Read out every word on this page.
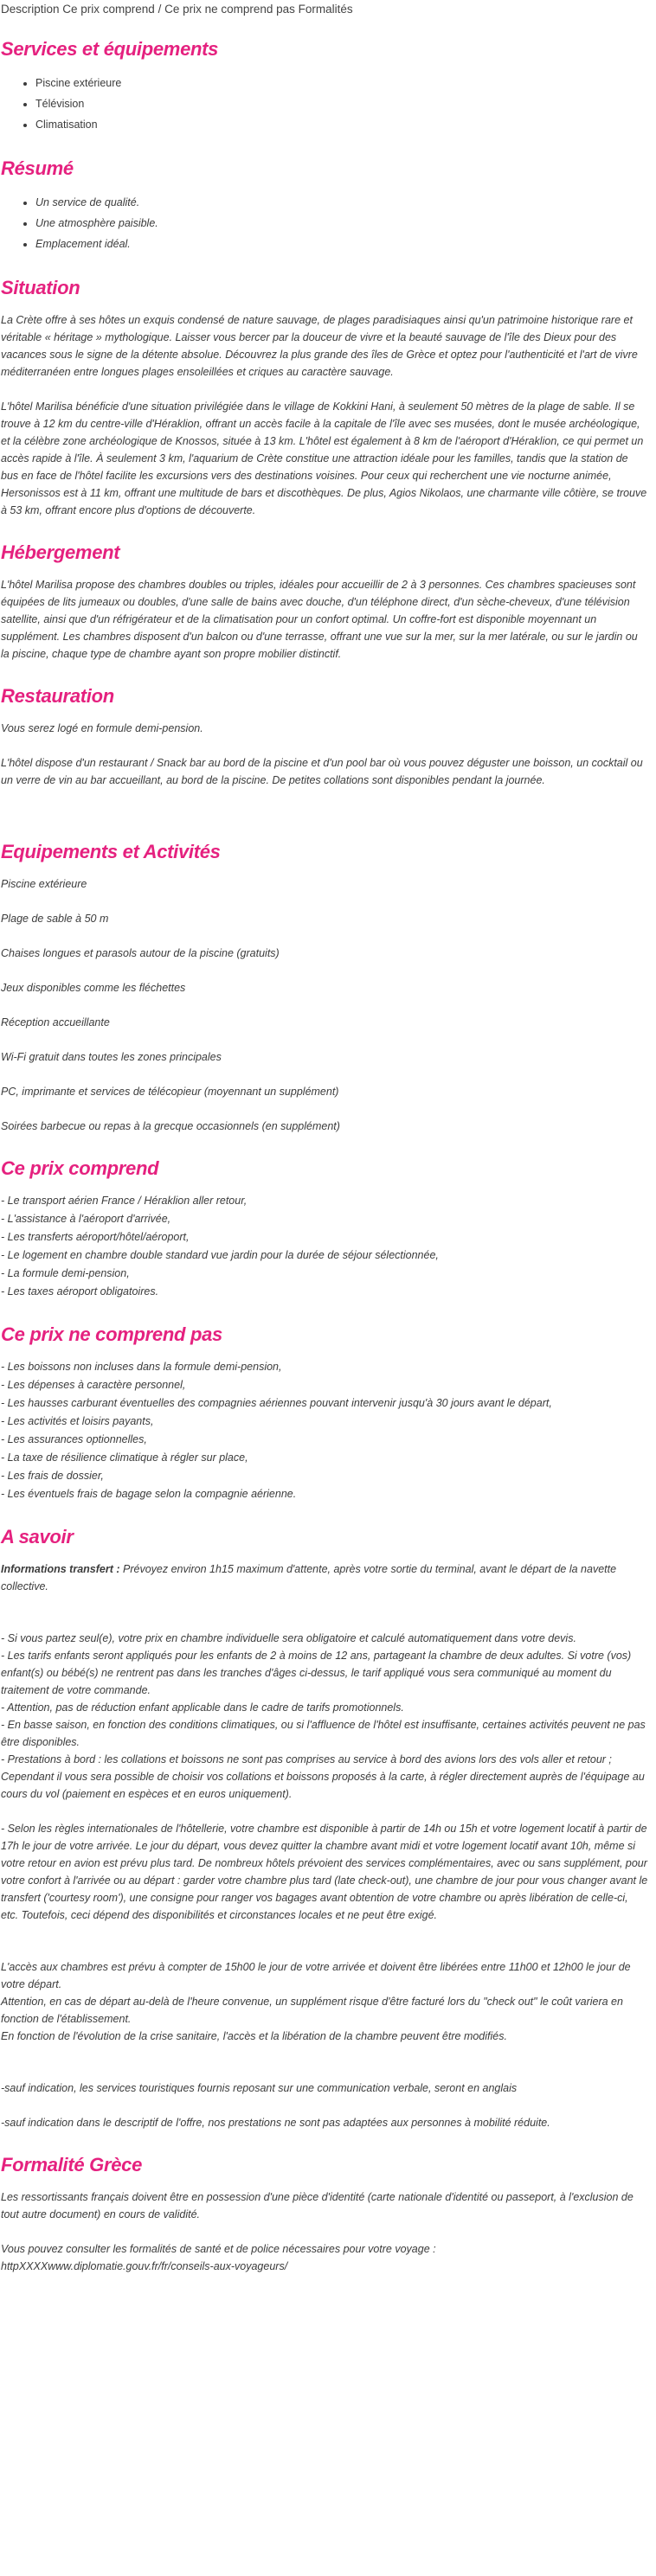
Description Ce prix comprend / Ce prix ne comprend pas Formalités
Services et équipements
• Piscine extérieure
• Télévision
• Climatisation
Résumé
• Un service de qualité.
• Une atmosphère paisible.
• Emplacement idéal.
Situation

La Crète offre à ses hôtes un exquis condensé de nature sauvage, de plages paradisiaques ainsi qu'un patrimoine historique rare et véritable « héritage » mythologique. Laisser vous bercer par la douceur de vivre et la beauté sauvage de l'île des Dieux pour des vacances sous le signe de la détente absolue. Découvrez la plus grande des îles de Grèce et optez pour l'authenticité et l'art de vivre méditerranéen entre longues plages ensoleillées et criques au caractère sauvage.

L'hôtel Marilisa bénéficie d'une situation privilégiée dans le village de Kokkini Hani, à seulement 50 mètres de la plage de sable. Il se trouve à 12 km du centre-ville d'Héraklion, offrant un accès facile à la capitale de l'île avec ses musées, dont le musée archéologique, et la célèbre zone archéologique de Knossos, située à 13 km. L'hôtel est également à 8 km de l'aéroport d'Héraklion, ce qui permet un accès rapide à l'île. À seulement 3 km, l'aquarium de Crète constitue une attraction idéale pour les familles, tandis que la station de bus en face de l'hôtel facilite les excursions vers des destinations voisines. Pour ceux qui recherchent une vie nocturne animée, Hersonissos est à 11 km, offrant une multitude de bars et discothèques. De plus, Agios Nikolaos, une charmante ville côtière, se trouve à 53 km, offrant encore plus d'options de découverte.

Hébergement

L'hôtel Marilisa propose des chambres doubles ou triples, idéales pour accueillir de 2 à 3 personnes. Ces chambres spacieuses sont équipées de lits jumeaux ou doubles, d'une salle de bains avec douche, d'un téléphone direct, d'un sèche-cheveux, d'une télévision satellite, ainsi que d'un réfrigérateur et de la climatisation pour un confort optimal. Un coffre-fort est disponible moyennant un supplément. Les chambres disposent d'un balcon ou d'une terrasse, offrant une vue sur la mer, sur la mer latérale, ou sur le jardin ou la piscine, chaque type de chambre ayant son propre mobilier distinctif.

Restauration

Vous serez logé en formule demi-pension.

L'hôtel dispose d'un restaurant / Snack bar au bord de la piscine et d'un pool bar où vous pouvez déguster une boisson, un cocktail ou un verre de vin au bar accueillant, au bord de la piscine. De petites collations sont disponibles pendant la journée.

Equipements et Activités

Piscine extérieure

Plage de sable à 50 m

Chaises longues et parasols autour de la piscine (gratuits)

Jeux disponibles comme les fléchettes

Réception accueillante

Wi-Fi gratuit dans toutes les zones principales

PC, imprimante et services de télécopieur (moyennant un supplément)

Soirées barbecue ou repas à la grecque occasionnels (en supplément)

Ce prix comprend
- Le transport aérien France / Héraklion aller retour,
- L'assistance à l'aéroport d'arrivée,
- Les transferts aéroport/hôtel/aéroport,
- Le logement en chambre double standard vue jardin pour la durée de séjour sélectionnée,
- La formule demi-pension,
- Les taxes aéroport obligatoires.
Ce prix ne comprend pas
- Les boissons non incluses dans la formule demi-pension,
- Les dépenses à caractère personnel,
- Les hausses carburant éventuelles des compagnies aériennes pouvant intervenir jusqu'à 30 jours avant le départ,
- Les activités et loisirs payants,
- Les assurances optionnelles,
- La taxe de résilience climatique à régler sur place,
- Les frais de dossier,
- Les éventuels frais de bagage selon la compagnie aérienne.
A savoir

Informations transfert : Prévoyez environ 1h15 maximum d'attente, après votre sortie du terminal, avant le départ de la navette collective.

- Si vous partez seul(e), votre prix en chambre individuelle sera obligatoire et calculé automatiquement dans votre devis.
- Les tarifs enfants seront appliqués pour les enfants de 2 à moins de 12 ans, partageant la chambre de deux adultes. Si votre (vos) enfant(s) ou bébé(s) ne rentrent pas dans les tranches d'âges ci-dessus, le tarif appliqué vous sera communiqué au moment du traitement de votre commande.
- Attention, pas de réduction enfant applicable dans le cadre de tarifs promotionnels.
- En basse saison, en fonction des conditions climatiques, ou si l'affluence de l'hôtel est insuffisante, certaines activités peuvent ne pas être disponibles.
- Prestations à bord : les collations et boissons ne sont pas comprises au service à bord des avions lors des vols aller et retour ; Cependant il vous sera possible de choisir vos collations et boissons proposés à la carte, à régler directement auprès de l'équipage au cours du vol (paiement en espèces et en euros uniquement).

- Selon les règles internationales de l'hôtellerie, votre chambre est disponible à partir de 14h ou 15h et votre logement locatif à partir de 17h le jour de votre arrivée. Le jour du départ, vous devez quitter la chambre avant midi et votre logement locatif avant 10h, même si votre retour en avion est prévu plus tard. De nombreux hôtels prévoient des services complémentaires, avec ou sans supplément, pour votre confort à l'arrivée ou au départ : garder votre chambre plus tard (late check-out), une chambre de jour pour vous changer avant le transfert ('courtesy room'), une consigne pour ranger vos bagages avant obtention de votre chambre ou après libération de celle-ci, etc. Toutefois, ceci dépend des disponibilités et circonstances locales et ne peut être exigé.

L'accès aux chambres est prévu à compter de 15h00 le jour de votre arrivée et doivent être libérées entre 11h00 et 12h00 le jour de votre départ.
Attention, en cas de départ au-delà de l'heure convenue, un supplément risque d'être facturé lors du "check out" le coût variera en fonction de l'établissement.
En fonction de l'évolution de la crise sanitaire, l'accès et la libération de la chambre peuvent être modifiés.

-sauf indication, les services touristiques fournis reposant sur une communication verbale, seront en anglais

-sauf indication dans le descriptif de l'offre, nos prestations ne sont pas adaptées aux personnes à mobilité réduite.

Formalité Grèce

Les ressortissants français doivent être en possession d'une pièce d'identité (carte nationale d'identité ou passeport, à l'exclusion de tout autre document) en cours de validité.

Vous pouvez consulter les formalités de santé et de police nécessaires pour votre voyage :
httpXXXXwww.diplomatie.gouv.fr/fr/conseils-aux-voyageurs/
